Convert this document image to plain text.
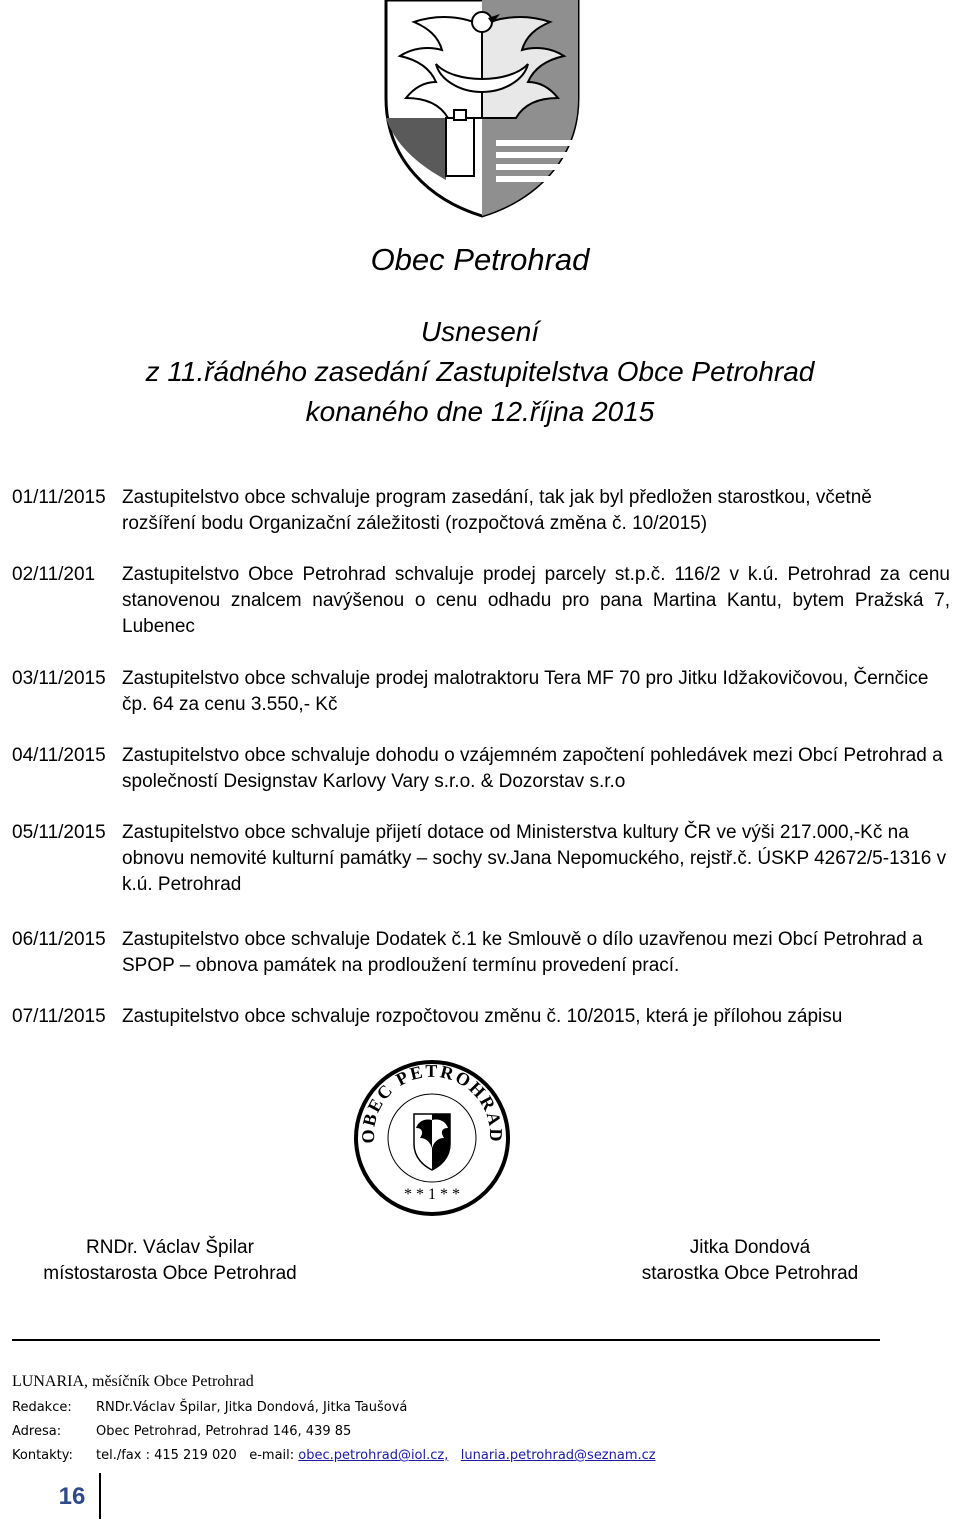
Obec Petrohrad
Usnesení
z 11.řádného zasedání Zastupitelstva Obce Petrohrad
konaného dne 12.října 2015
01/11/2015 Zastupitelstvo obce schvaluje program zasedání, tak jak byl předložen starostkou, včetně rozšíření bodu Organizační záležitosti (rozpočtová změna č. 10/2015)
02/11/201	Zastupitelstvo Obce Petrohrad schvaluje prodej parcely st.p.č. 116/2 v k.ú. Petrohrad za cenu stanovenou znalcem navýšenou o cenu odhadu pro pana Martina Kantu, bytem Pražská 7, Lubenec
03/11/2015 Zastupitelstvo obce schvaluje prodej malotraktoru Tera MF 70 pro Jitku Idžakovičovou, Černčice čp. 64 za cenu 3.550,- Kč
04/11/2015 Zastupitelstvo obce schvaluje dohodu o vzájemném započtení pohledávek mezi Obcí Petrohrad a společností Designstav Karlovy Vary s.r.o. & Dozorstav s.r.o
05/11/2015 Zastupitelstvo obce schvaluje přijetí dotace od Ministerstva kultury ČR ve výši 217.000,-Kč na obnovu nemovité kulturní památky – sochy sv.Jana Nepomuckého, rejstř.č. ÚSKP 42672/5-1316 v k.ú. Petrohrad
06/11/2015 Zastupitelstvo obce schvaluje Dodatek č.1 ke Smlouvě o dílo uzavřenou mezi Obcí Petrohrad a SPOP – obnova památek na prodloužení termínu provedení prací.
07/11/2015 Zastupitelstvo obce schvaluje rozpočtovou změnu č. 10/2015, která je přílohou zápisu
OBEC PETROHRAD
* * 1 * *
RNDr. Václav Špilar
místostarosta Obce Petrohrad
Jitka Dondová
starostka Obce Petrohrad
LUNARIA, měsíčník Obce Petrohrad
Redakce: RNDr.Václav Špilar, Jitka Dondová, Jitka Taušová
Adresa:	Obec Petrohrad, Petrohrad 146, 439 85
Kontakty: tel./fax : 415 219 020 e-mail: obec.petrohrad@iol.cz, lunaria.petrohrad@seznam.cz
16
